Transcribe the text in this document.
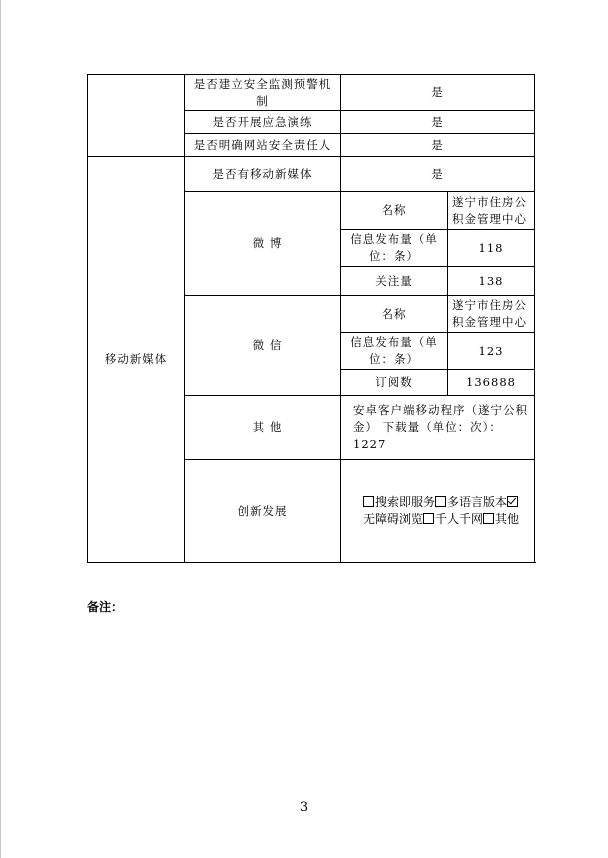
	是否建立安全监测预警机制	是	
	是否开展应急演练	是	
	是否明确网站安全责任人	是	
移动新媒体	是否有移动新媒体	是	
	微 博	名称	遂宁市住房公积金管理中心
		信息发布量（单位：条）	118
		关注量	138
	微 信	名称	遂宁市住房公积金管理中心
		信息发布量（单位：条）	123
		订阅数	136888
	其 他	安卓客户端移动程序（遂宁公积金） 下载量（单位：次）：1227	
	创新发展	搜索即服务 多语言版本无障碍浏览 千人千网 其他	
备注：
3
